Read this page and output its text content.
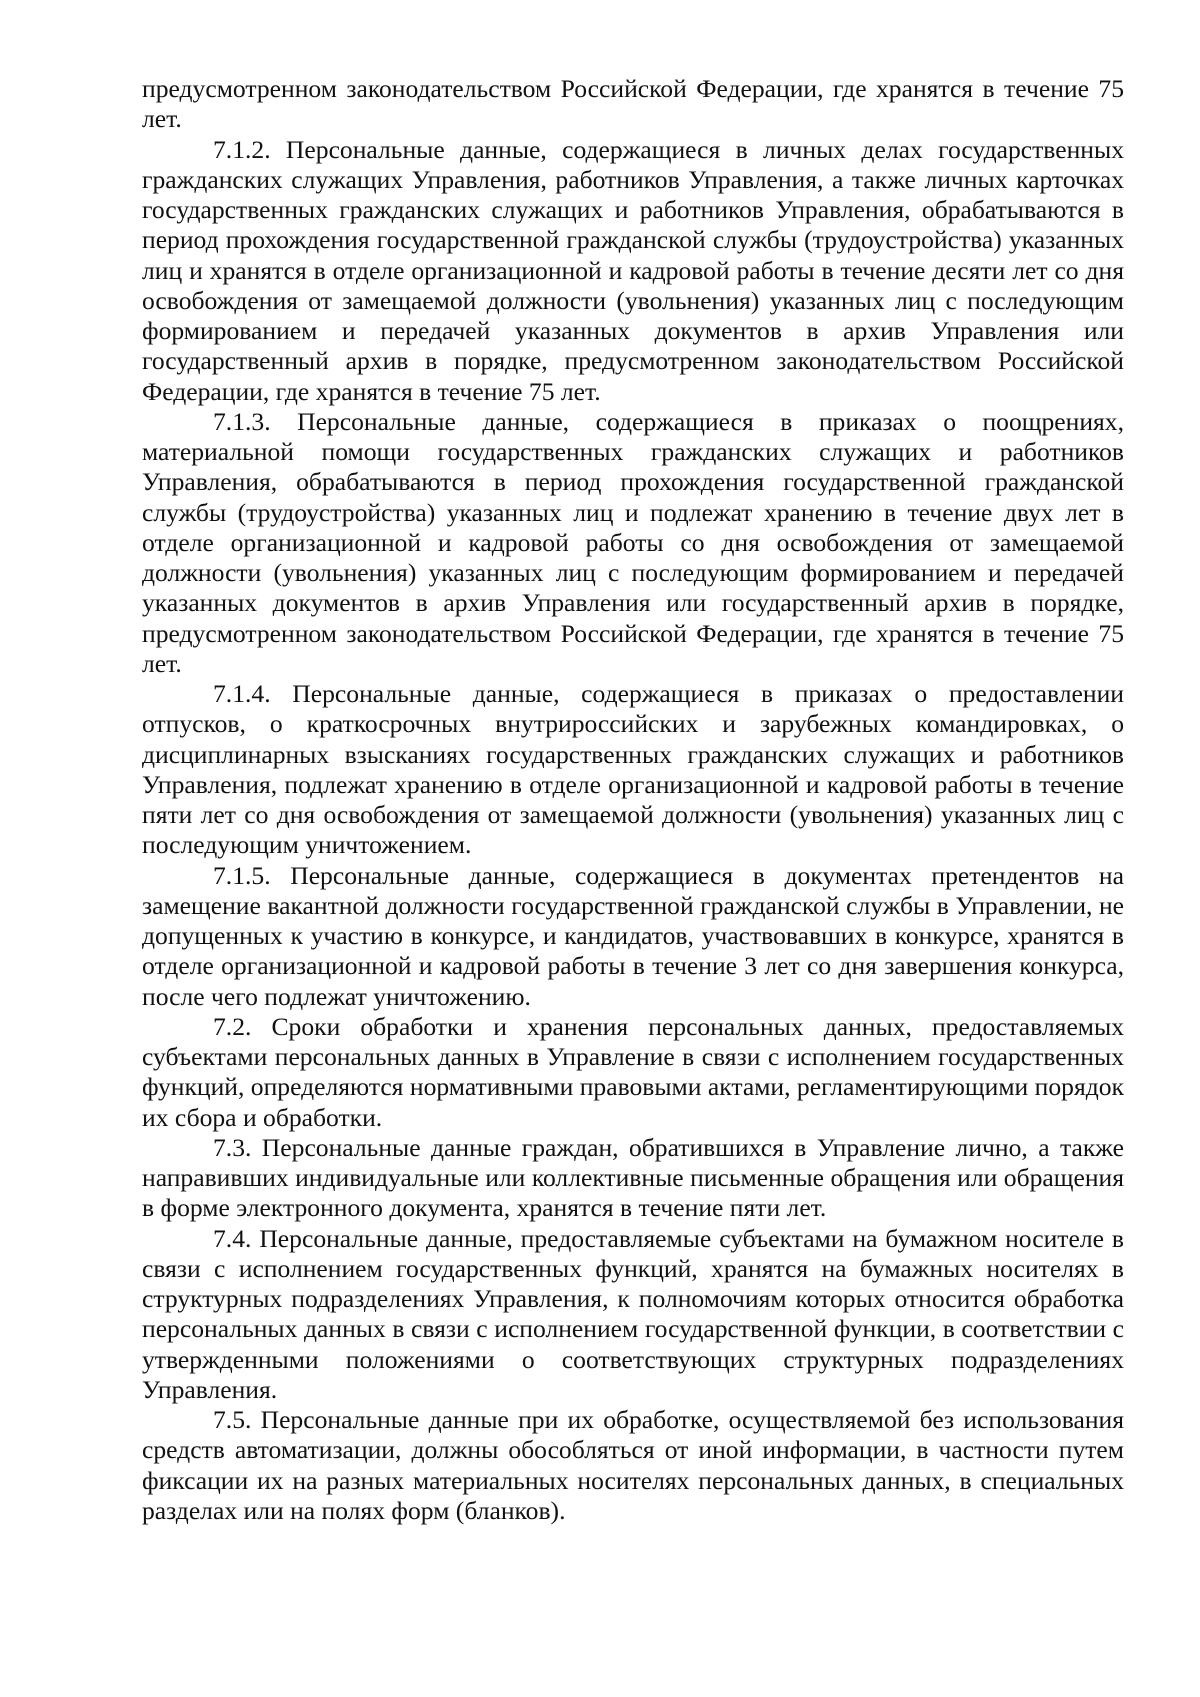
предусмотренном законодательством Российской Федерации, где хранятся в течение 75 лет.

7.1.2. Персональные данные, содержащиеся в личных делах государственных гражданских служащих Управления, работников Управления, а также личных карточках государственных гражданских служащих и работников Управления, обрабатываются в период прохождения государственной гражданской службы (трудоустройства) указанных лиц и хранятся в отделе организационной и кадровой работы в течение десяти лет со дня освобождения от замещаемой должности (увольнения) указанных лиц с последующим формированием и передачей указанных документов в архив Управления или государственный архив в порядке, предусмотренном законодательством Российской Федерации, где хранятся в течение 75 лет.

7.1.3. Персональные данные, содержащиеся в приказах о поощрениях, материальной помощи государственных гражданских служащих и работников Управления, обрабатываются в период прохождения государственной гражданской службы (трудоустройства) указанных лиц и подлежат хранению в течение двух лет в отделе организационной и кадровой работы со дня освобождения от замещаемой должности (увольнения) указанных лиц с последующим формированием и передачей указанных документов в архив Управления или государственный архив в порядке, предусмотренном законодательством Российской Федерации, где хранятся в течение 75 лет.

7.1.4. Персональные данные, содержащиеся в приказах о предоставлении отпусков, о краткосрочных внутрироссийских и зарубежных командировках, о дисциплинарных взысканиях государственных гражданских служащих и работников Управления, подлежат хранению в отделе организационной и кадровой работы в течение пяти лет со дня освобождения от замещаемой должности (увольнения) указанных лиц с последующим уничтожением.

7.1.5. Персональные данные, содержащиеся в документах претендентов на замещение вакантной должности государственной гражданской службы в Управлении, не допущенных к участию в конкурсе, и кандидатов, участвовавших в конкурсе, хранятся в отделе организационной и кадровой работы в течение 3 лет со дня завершения конкурса, после чего подлежат уничтожению.

7.2. Сроки обработки и хранения персональных данных, предоставляемых субъектами персональных данных в Управление в связи с исполнением государственных функций, определяются нормативными правовыми актами, регламентирующими порядок их сбора и обработки.

7.3. Персональные данные граждан, обратившихся в Управление лично, а также направивших индивидуальные или коллективные письменные обращения или обращения в форме электронного документа, хранятся в течение пяти лет.

7.4. Персональные данные, предоставляемые субъектами на бумажном носителе в связи с исполнением государственных функций, хранятся на бумажных носителях в структурных подразделениях Управления, к полномочиям которых относится обработка персональных данных в связи с исполнением государственной функции, в соответствии с утвержденными положениями о соответствующих структурных подразделениях Управления.

7.5. Персональные данные при их обработке, осуществляемой без использования средств автоматизации, должны обособляться от иной информации, в частности путем фиксации их на разных материальных носителях персональных данных, в специальных разделах или на полях форм (бланков).
